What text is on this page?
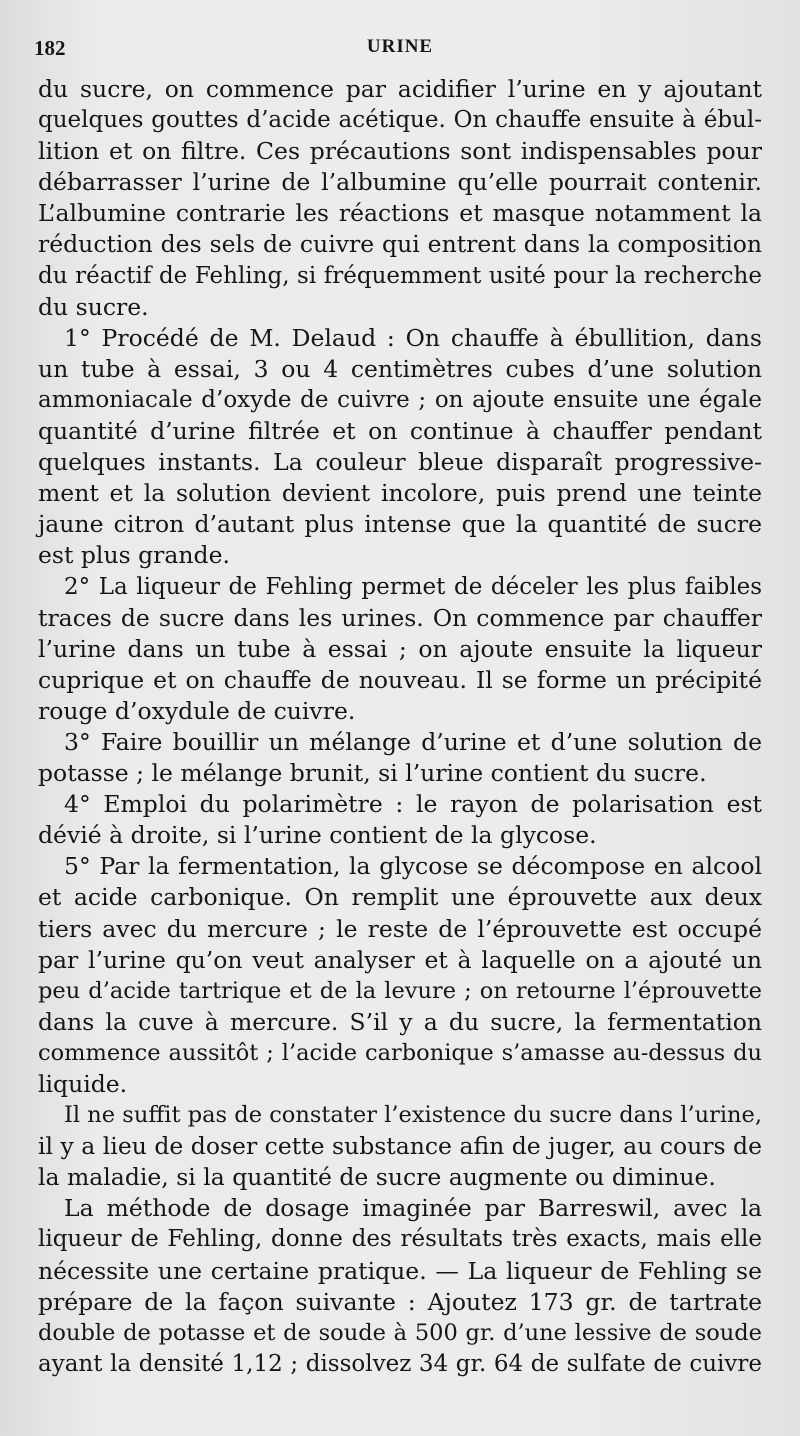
182	URINE
du sucre, on commence par acidifier l’urine en y ajoutant
quelques gouttes d’acide acétique. On chauffe ensuite à ébul-
lition et on filtre. Ces précautions sont indispensables pour
débarrasser l’urine de l’albumine qu’elle pourrait contenir.
L’albumine contrarie les réactions et masque notamment la
réduction des sels de cuivre qui entrent dans la composition
du réactif de Fehling, si fréquemment usité pour la recherche
du sucre.
1° Procédé de M. Delaud : On chauffe à ébullition, dans
un tube à essai, 3 ou 4 centimètres cubes d’une solution
ammoniacale d’oxyde de cuivre ; on ajoute ensuite une égale
quantité d’urine filtrée et on continue à chauffer pendant
quelques instants. La couleur bleue disparaît progressive-
ment et la solution devient incolore, puis prend une teinte
jaune citron d’autant plus intense que la quantité de sucre
est plus grande.
2° La liqueur de Fehling permet de déceler les plus faibles
traces de sucre dans les urines. On commence par chauffer
l’urine dans un tube à essai ; on ajoute ensuite la liqueur
cuprique et on chauffe de nouveau. Il se forme un précipité
rouge d’oxydule de cuivre.
3° Faire bouillir un mélange d’urine et d’une solution de
potasse ; le mélange brunit, si l’urine contient du sucre.
4° Emploi du polarimètre : le rayon de polarisation est
dévié à droite, si l’urine contient de la glycose.
5° Par la fermentation, la glycose se décompose en alcool
et acide carbonique. On remplit une éprouvette aux deux
tiers avec du mercure ; le reste de l’éprouvette est occupé
par l’urine qu’on veut analyser et à laquelle on a ajouté un
peu d’acide tartrique et de la levure ; on retourne l’éprouvette
dans la cuve à mercure. S’il y a du sucre, la fermentation
commence aussitôt ; l’acide carbonique s’amasse au-dessus du
liquide.
Il ne suffit pas de constater l’existence du sucre dans l’urine,
il y a lieu de doser cette substance afin de juger, au cours de
la maladie, si la quantité de sucre augmente ou diminue.
La méthode de dosage imaginée par Barreswil, avec la
liqueur de Fehling, donne des résultats très exacts, mais elle
nécessite une certaine pratique. — La liqueur de Fehling se
prépare de la façon suivante : Ajoutez 173 gr. de tartrate
double de potasse et de soude à 500 gr. d’une lessive de soude
ayant la densité 1,12 ; dissolvez 34 gr. 64 de sulfate de cuivre
